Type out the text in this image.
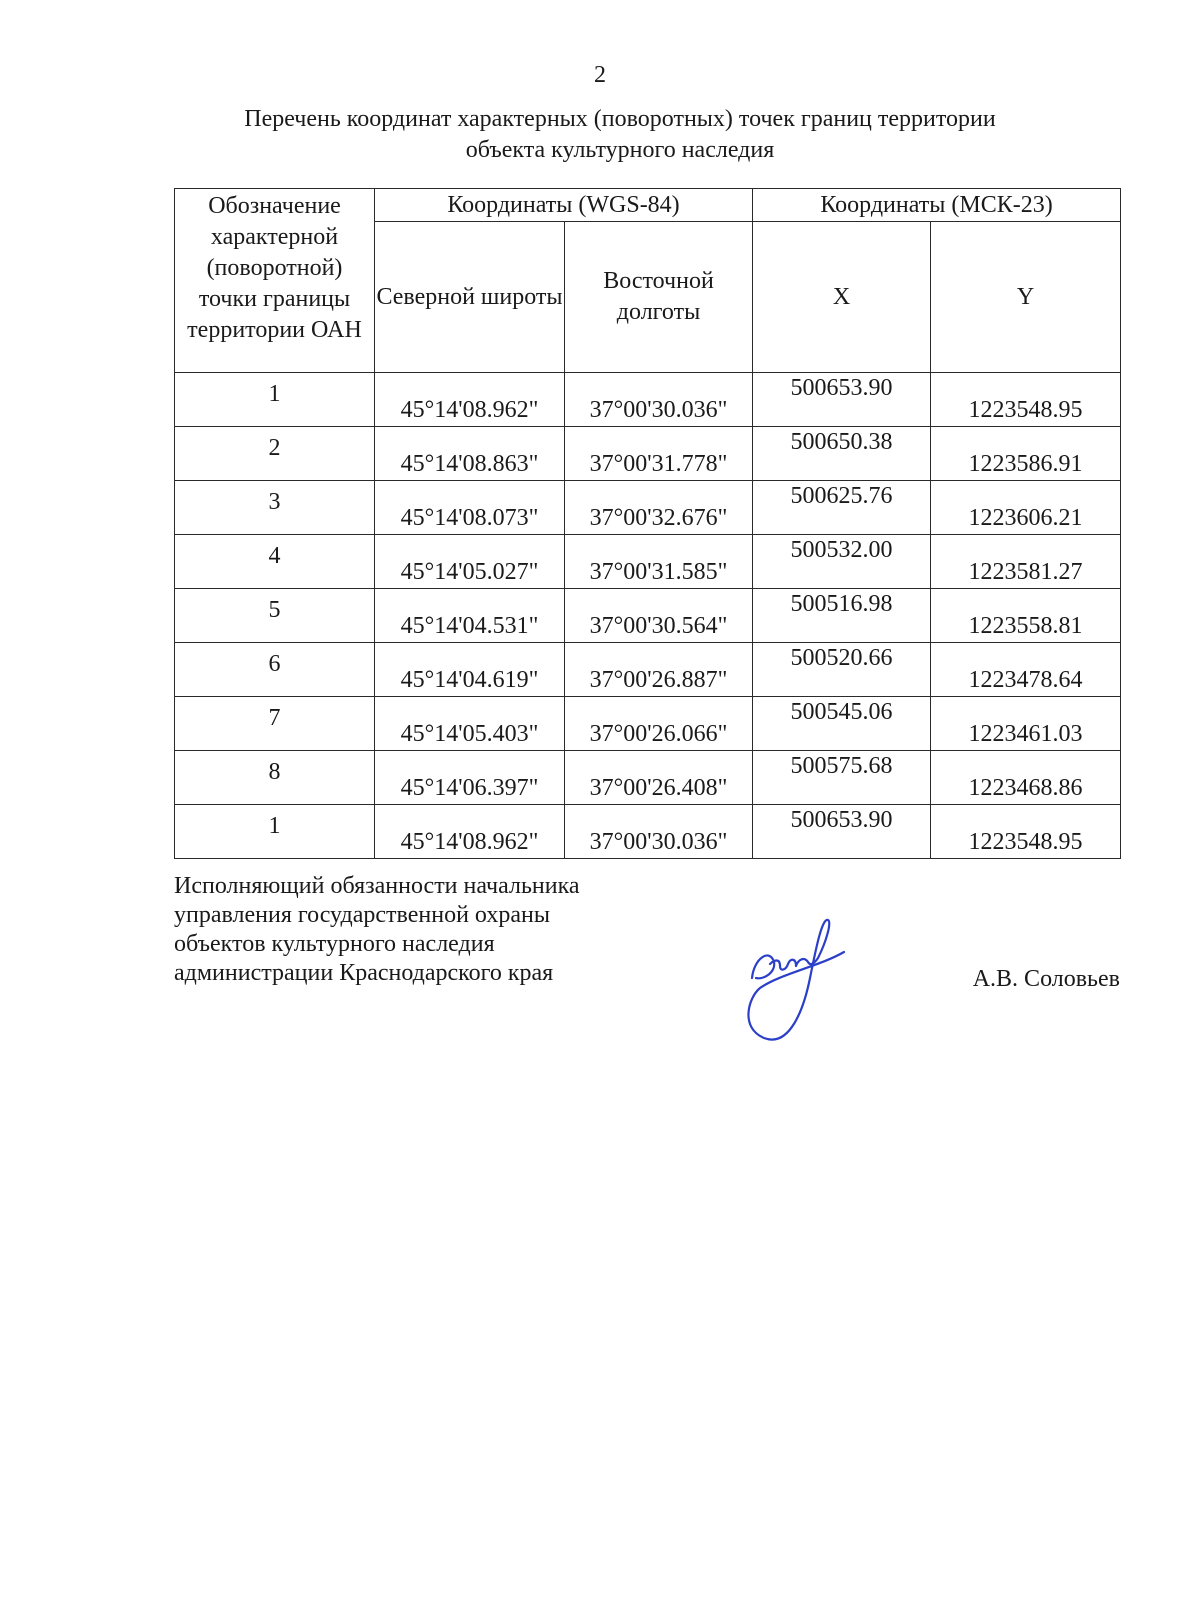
2
Перечень координат характерных (поворотных) точек границ территории
объекта культурного наследия
Обозначение характерной (поворотной) точки границы территории ОАН	Координаты (WGS-84)		Координаты (МСК-23)	
	Северной широты	Восточной долготы	X	Y
1	45°14'08.962"	37°00'30.036"	500653.90	1223548.95
2	45°14'08.863"	37°00'31.778"	500650.38	1223586.91
3	45°14'08.073"	37°00'32.676"	500625.76	1223606.21
4	45°14'05.027"	37°00'31.585"	500532.00	1223581.27
5	45°14'04.531"	37°00'30.564"	500516.98	1223558.81
6	45°14'04.619"	37°00'26.887"	500520.66	1223478.64
7	45°14'05.403"	37°00'26.066"	500545.06	1223461.03
8	45°14'06.397"	37°00'26.408"	500575.68	1223468.86
1	45°14'08.962"	37°00'30.036"	500653.90	1223548.95
Исполняющий обязанности начальника
управления государственной охраны
объектов культурного наследия
администрации Краснодарского края	А.В. Соловьев
